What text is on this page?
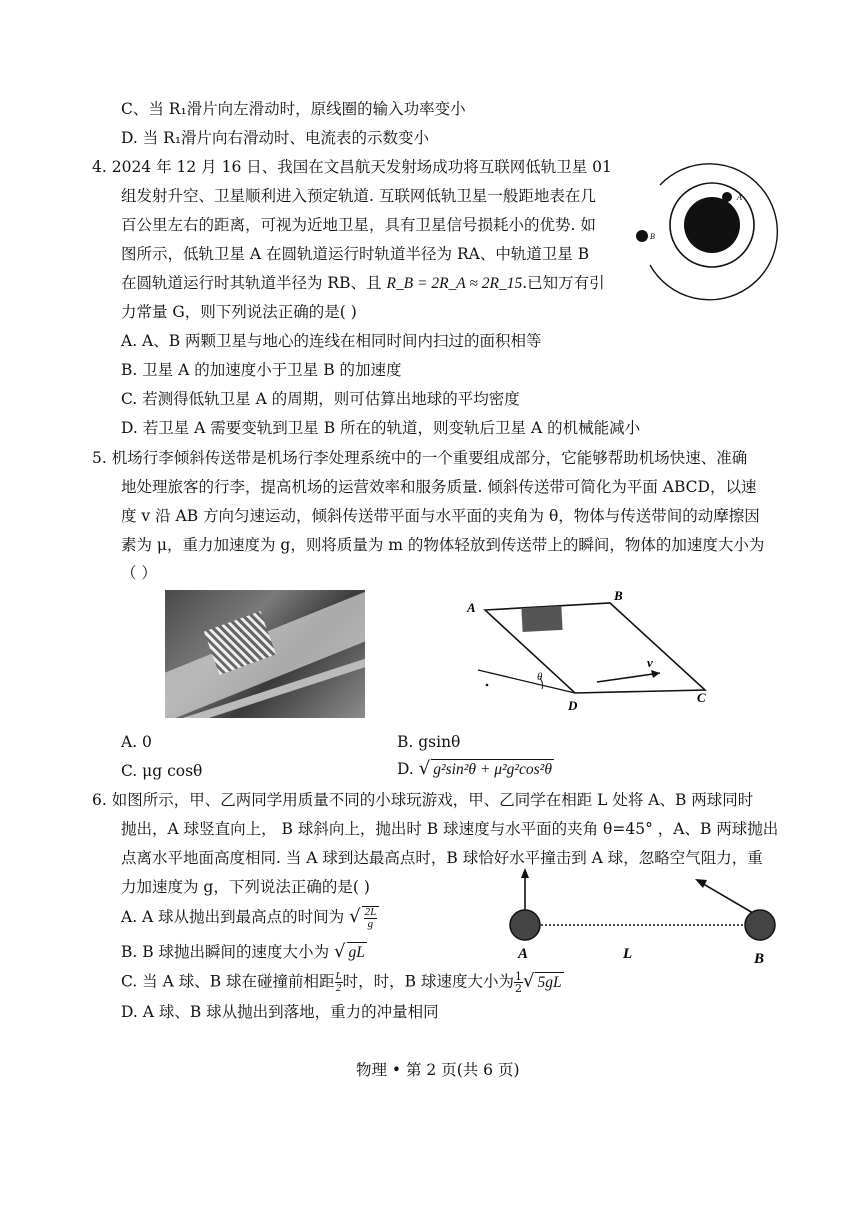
C、当 R₁滑片向左滑动时，原线圈的输入功率变小
D. 当 R₁滑片向右滑动时、电流表的示数变小
4. 2024 年 12 月 16 日、我国在文昌航天发射场成功将互联网低轨卫星 01
组发射升空、卫星顺利进入预定轨道. 互联网低轨卫星一般距地表在几
百公里左右的距离，可视为近地卫星，具有卫星信号损耗小的优势. 如
图所示，低轨卫星 A 在圆轨道运行时轨道半径为 RA、中轨道卫星 B
在圆轨道运行时其轨道半径为 RB、且 R_B = 2R_A ≈ 2R_15.已知万有引
力常量 G，则下列说法正确的是( )
A. A、B 两颗卫星与地心的连线在相同时间内扫过的面积相等
B. 卫星 A 的加速度小于卫星 B 的加速度
C. 若测得低轨卫星 A 的周期，则可估算出地球的平均密度
D. 若卫星 A 需要变轨到卫星 B 所在的轨道，则变轨后卫星 A 的机械能减小
A
B
5. 机场行李倾斜传送带是机场行李处理系统中的一个重要组成部分，它能够帮助机场快速、准确
地处理旅客的行李，提高机场的运营效率和服务质量. 倾斜传送带可简化为平面 ABCD，以速
度 v 沿 AB 方向匀速运动，倾斜传送带平面与水平面的夹角为 θ，物体与传送带间的动摩擦因
素为 μ，重力加速度为 g，则将质量为 m 的物体轻放到传送带上的瞬间，物体的加速度大小为
（ ）
A
B
C
D
v
θ
A. 0	B. gsinθ
C. μg cosθ	D. √ g²sin²θ + μ²g²cos²θ
6. 如图所示，甲、乙两同学用质量不同的小球玩游戏，甲、乙同学在相距 L 处将 A、B 两球同时
抛出，A 球竖直向上， B 球斜向上，抛出时 B 球速度与水平面的夹角 θ=45° ，A、B 两球抛出
点离水平地面高度相同. 当 A 球到达最高点时，B 球恰好水平撞击到 A 球，忽略空气阻力，重
力加速度为 g，下列说法正确的是( )
A. A 球从抛出到最高点的时间为 √ $\frac{2L}{g}$
B. B 球抛出瞬间的速度大小为 √ gL
C. 当 A 球、B 球在碰撞前相距 $\frac{L}{2}$ 时，时，B 球速度大小为 $\frac{1}{2}$ √ 5gL
D. A 球、B 球从抛出到落地，重力的冲量相同
A	L	B
物理 • 第 2 页(共 6 页)
